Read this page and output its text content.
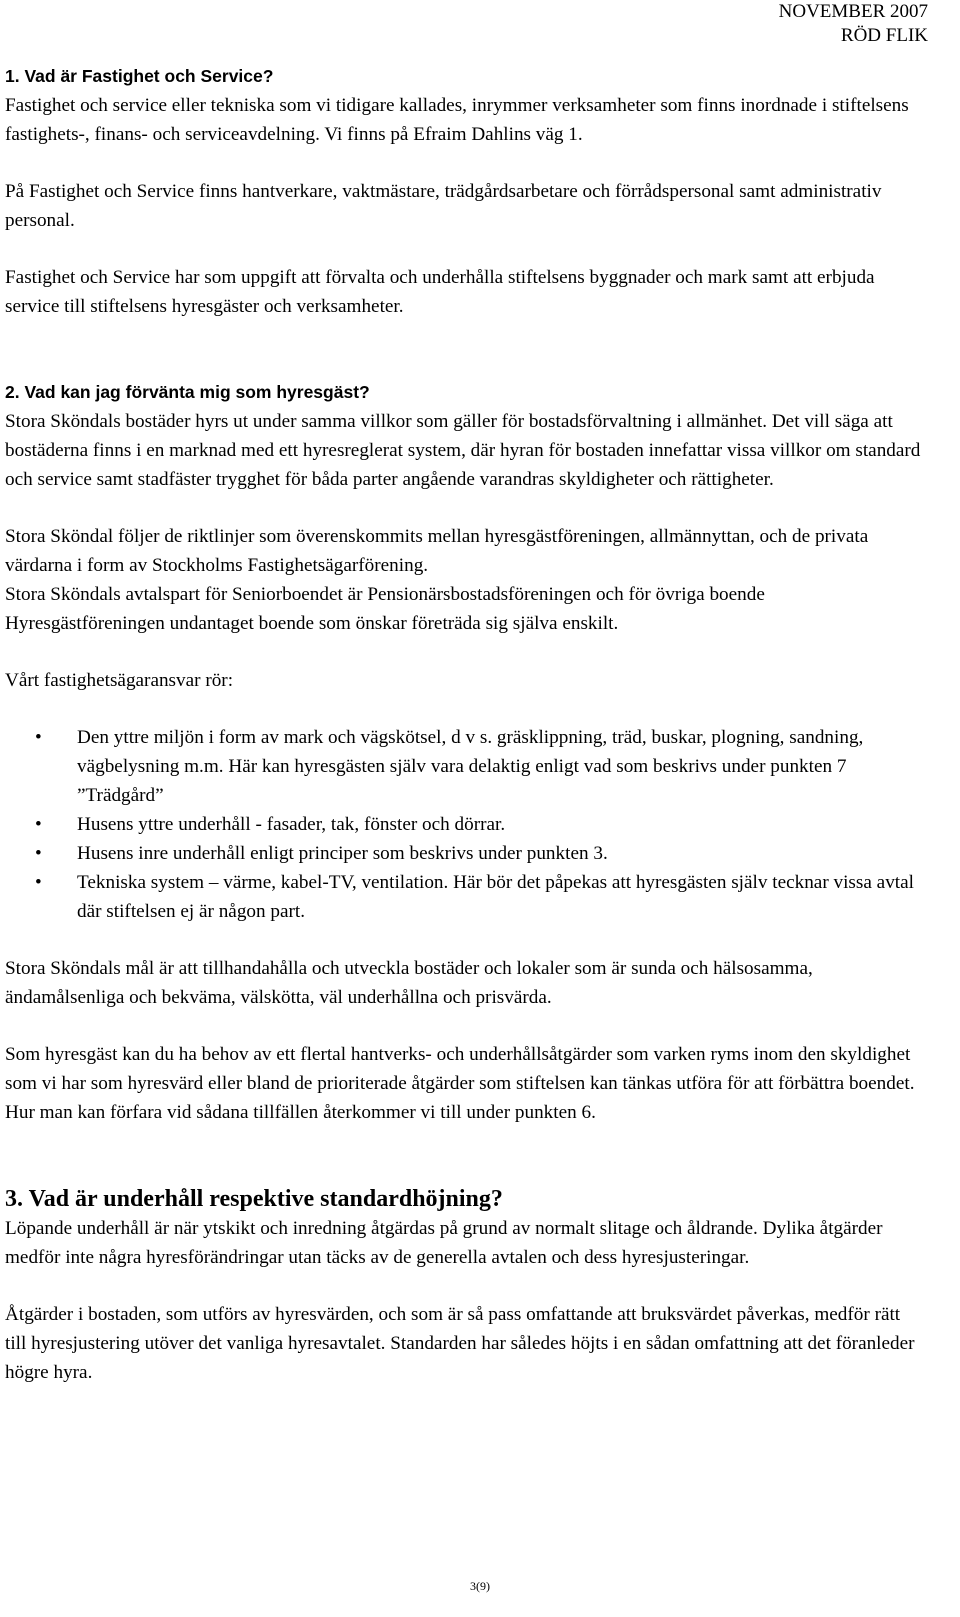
NOVEMBER 2007
RÖD FLIK
1. Vad är Fastighet och Service?

Fastighet och service eller tekniska som vi tidigare kallades, inrymmer verksamheter som finns inordnade i stiftelsens fastighets-, finans- och serviceavdelning. Vi finns på Efraim Dahlins väg 1.

På Fastighet och Service finns hantverkare, vaktmästare, trädgårdsarbetare och förrådspersonal samt administrativ personal.

Fastighet och Service har som uppgift att förvalta och underhålla stiftelsens byggnader och mark samt att erbjuda service till stiftelsens hyresgäster och verksamheter.

2. Vad kan jag förvänta mig som hyresgäst?

Stora Sköndals bostäder hyrs ut under samma villkor som gäller för bostadsförvaltning i allmänhet. Det vill säga att bostäderna finns i en marknad med ett hyresreglerat system, där hyran för bostaden innefattar vissa villkor om standard och service samt stadfäster trygghet för båda parter angående varandras skyldigheter och rättigheter.

Stora Sköndal följer de riktlinjer som överenskommits mellan hyresgästföreningen, allmännyttan, och de privata värdarna i form av Stockholms Fastighetsägarförening.

Stora Sköndals avtalspart för Seniorboendet är Pensionärsbostadsföreningen och för övriga boende Hyresgästföreningen undantaget boende som önskar företräda sig själva enskilt.

Vårt fastighetsägaransvar rör:

• Den yttre miljön i form av mark och vägskötsel, d v s. gräsklippning, träd, buskar, plogning, sandning, vägbelysning m.m. Här kan hyresgästen själv vara delaktig enligt vad som beskrivs under punkten 7 ”Trädgård”
• Husens yttre underhåll - fasader, tak, fönster och dörrar.
• Husens inre underhåll enligt principer som beskrivs under punkten 3.
• Tekniska system – värme, kabel-TV, ventilation. Här bör det påpekas att hyresgästen själv tecknar vissa avtal där stiftelsen ej är någon part.

Stora Sköndals mål är att tillhandahålla och utveckla bostäder och lokaler som är sunda och hälsosamma, ändamålsenliga och bekväma, välskötta, väl underhållna och prisvärda.

Som hyresgäst kan du ha behov av ett flertal hantverks- och underhållsåtgärder som varken ryms inom den skyldighet som vi har som hyresvärd eller bland de prioriterade åtgärder som stiftelsen kan tänkas utföra för att förbättra boendet. Hur man kan förfara vid sådana tillfällen återkommer vi till under punkten 6.

3. Vad är underhåll respektive standardhöjning?

Löpande underhåll är när ytskikt och inredning åtgärdas på grund av normalt slitage och åldrande. Dylika åtgärder medför inte några hyresförändringar utan täcks av de generella avtalen och dess hyresjusteringar.

Åtgärder i bostaden, som utförs av hyresvärden, och som är så pass omfattande att bruksvärdet påverkas, medför rätt till hyresjustering utöver det vanliga hyresavtalet. Standarden har således höjts i en sådan omfattning att det föranleder högre hyra.

3(9)
